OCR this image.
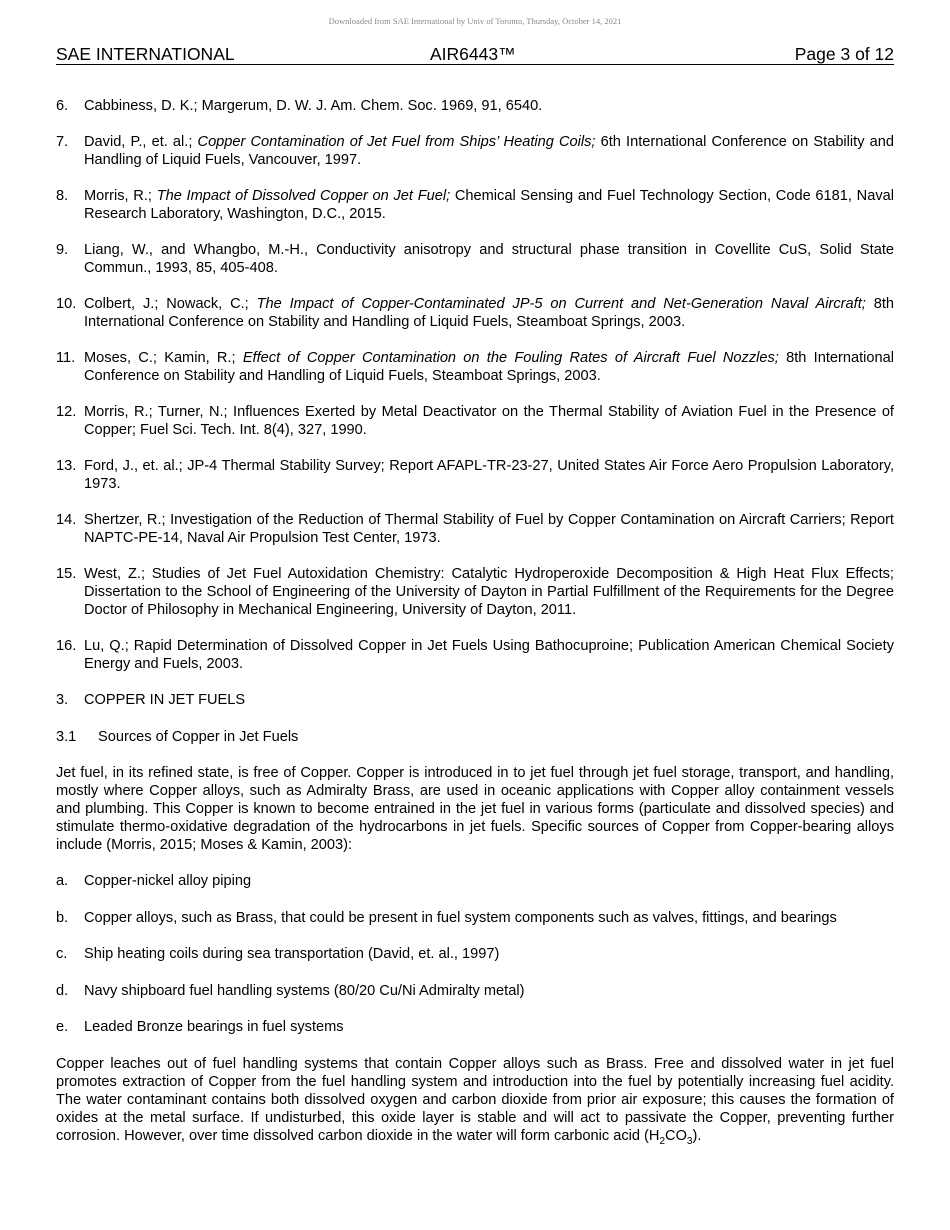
Downloaded from SAE International by Univ of Toronto, Thursday, October 14, 2021
SAE INTERNATIONAL	AIR6443™	Page 3 of 12
6. Cabbiness, D. K.; Margerum, D. W. J. Am. Chem. Soc. 1969, 91, 6540.
7. David, P., et. al.; Copper Contamination of Jet Fuel from Ships’ Heating Coils; 6th International Conference on Stability and Handling of Liquid Fuels, Vancouver, 1997.
8. Morris, R.; The Impact of Dissolved Copper on Jet Fuel; Chemical Sensing and Fuel Technology Section, Code 6181, Naval Research Laboratory, Washington, D.C., 2015.
9. Liang, W., and Whangbo, M.-H., Conductivity anisotropy and structural phase transition in Covellite CuS, Solid State Commun., 1993, 85, 405-408.
10. Colbert, J.; Nowack, C.; The Impact of Copper-Contaminated JP-5 on Current and Net-Generation Naval Aircraft; 8th International Conference on Stability and Handling of Liquid Fuels, Steamboat Springs, 2003.
11. Moses, C.; Kamin, R.; Effect of Copper Contamination on the Fouling Rates of Aircraft Fuel Nozzles; 8th International Conference on Stability and Handling of Liquid Fuels, Steamboat Springs, 2003.
12. Morris, R.; Turner, N.; Influences Exerted by Metal Deactivator on the Thermal Stability of Aviation Fuel in the Presence of Copper; Fuel Sci. Tech. Int. 8(4), 327, 1990.
13. Ford, J., et. al.; JP-4 Thermal Stability Survey; Report AFAPL-TR-23-27, United States Air Force Aero Propulsion Laboratory, 1973.
14. Shertzer, R.; Investigation of the Reduction of Thermal Stability of Fuel by Copper Contamination on Aircraft Carriers; Report NAPTC-PE-14, Naval Air Propulsion Test Center, 1973.
15. West, Z.; Studies of Jet Fuel Autoxidation Chemistry: Catalytic Hydroperoxide Decomposition & High Heat Flux Effects; Dissertation to the School of Engineering of the University of Dayton in Partial Fulfillment of the Requirements for the Degree Doctor of Philosophy in Mechanical Engineering, University of Dayton, 2011.
16. Lu, Q.; Rapid Determination of Dissolved Copper in Jet Fuels Using Bathocuproine; Publication American Chemical Society Energy and Fuels, 2003.
3. COPPER IN JET FUELS
3.1 Sources of Copper in Jet Fuels

Jet fuel, in its refined state, is free of Copper. Copper is introduced in to jet fuel through jet fuel storage, transport, and handling, mostly where Copper alloys, such as Admiralty Brass, are used in oceanic applications with Copper alloy containment vessels and plumbing. This Copper is known to become entrained in the jet fuel in various forms (particulate and dissolved species) and stimulate thermo-oxidative degradation of the hydrocarbons in jet fuels. Specific sources of Copper from Copper-bearing alloys include (Morris, 2015; Moses & Kamin, 2003):

a. Copper-nickel alloy piping
b. Copper alloys, such as Brass, that could be present in fuel system components such as valves, fittings, and bearings
c. Ship heating coils during sea transportation (David, et. al., 1997)
d. Navy shipboard fuel handling systems (80/20 Cu/Ni Admiralty metal)
e. Leaded Bronze bearings in fuel systems

Copper leaches out of fuel handling systems that contain Copper alloys such as Brass. Free and dissolved water in jet fuel promotes extraction of Copper from the fuel handling system and introduction into the fuel by potentially increasing fuel acidity. The water contaminant contains both dissolved oxygen and carbon dioxide from prior air exposure; this causes the formation of oxides at the metal surface. If undisturbed, this oxide layer is stable and will act to passivate the Copper, preventing further corrosion. However, over time dissolved carbon dioxide in the water will form carbonic acid $(H_2CO_3)$.
